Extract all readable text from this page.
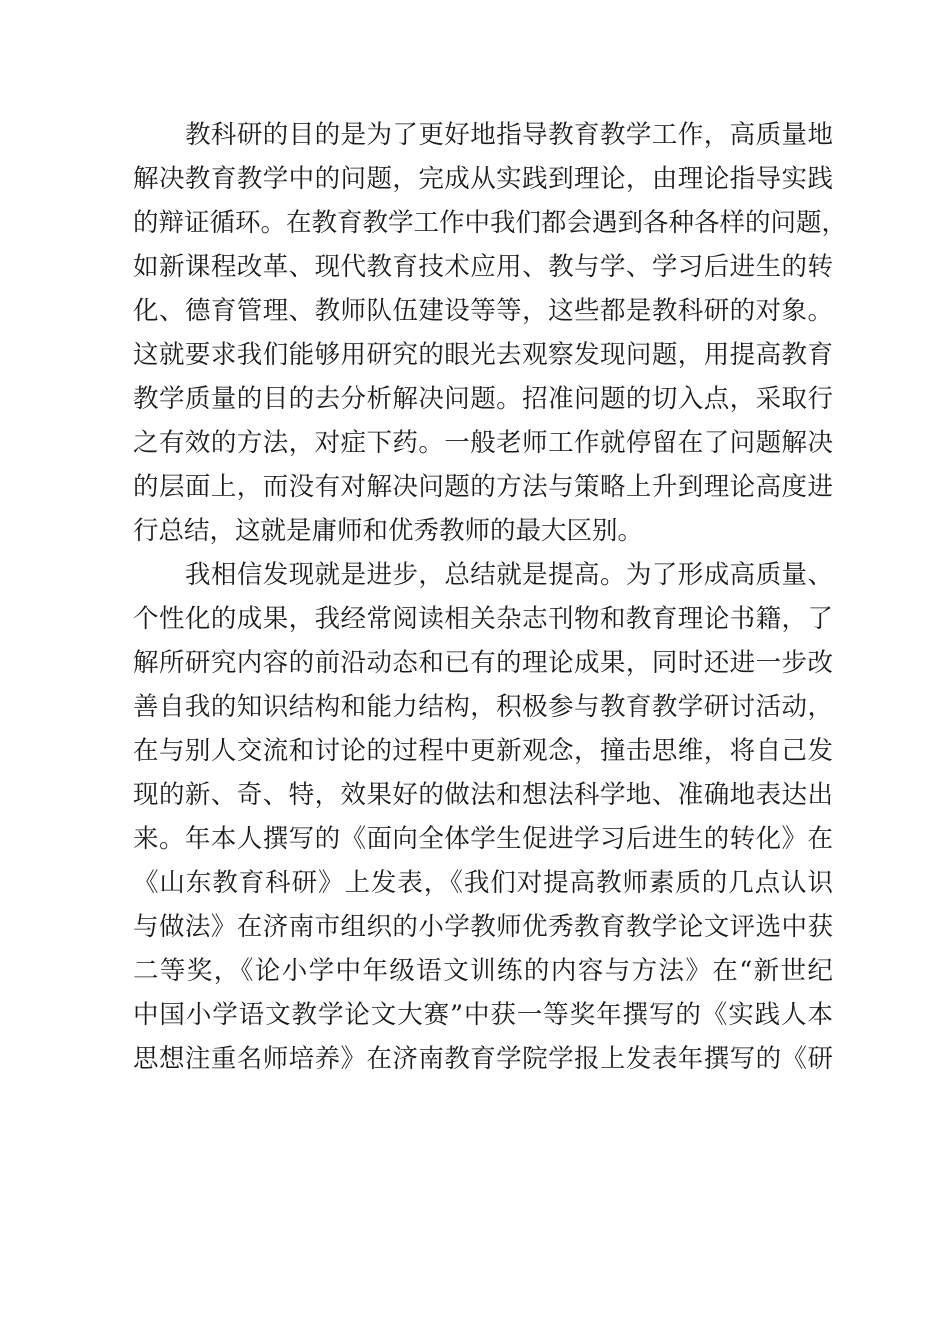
教科研的目的是为了更好地指导教育教学工作，高质量地
解决教育教学中的问题，完成从实践到理论，由理论指导实践
的辩证循环。在教育教学工作中我们都会遇到各种各样的问题，
如新课程改革、现代教育技术应用、教与学、学习后进生的转
化、德育管理、教师队伍建设等等，这些都是教科研的对象。
这就要求我们能够用研究的眼光去观察发现问题，用提高教育
教学质量的目的去分析解决问题。招准问题的切入点，采取行
之有效的方法，对症下药。一般老师工作就停留在了问题解决
的层面上，而没有对解决问题的方法与策略上升到理论高度进
行总结，这就是庸师和优秀教师的最大区别。
我相信发现就是进步，总结就是提高。为了形成高质量、
个性化的成果，我经常阅读相关杂志刊物和教育理论书籍，了
解所研究内容的前沿动态和已有的理论成果，同时还进一步改
善自我的知识结构和能力结构，积极参与教育教学研讨活动，
在与别人交流和讨论的过程中更新观念，撞击思维，将自己发
现的新、奇、特，效果好的做法和想法科学地、准确地表达出
来。年本人撰写的《面向全体学生促进学习后进生的转化》在
《山东教育科研》上发表，《我们对提高教师素质的几点认识
与做法》在济南市组织的小学教师优秀教育教学论文评选中获
二等奖，《论小学中年级语文训练的内容与方法》在“新世纪
中国小学语文教学论文大赛”中获一等奖年撰写的《实践人本
思想注重名师培养》在济南教育学院学报上发表年撰写的《研
